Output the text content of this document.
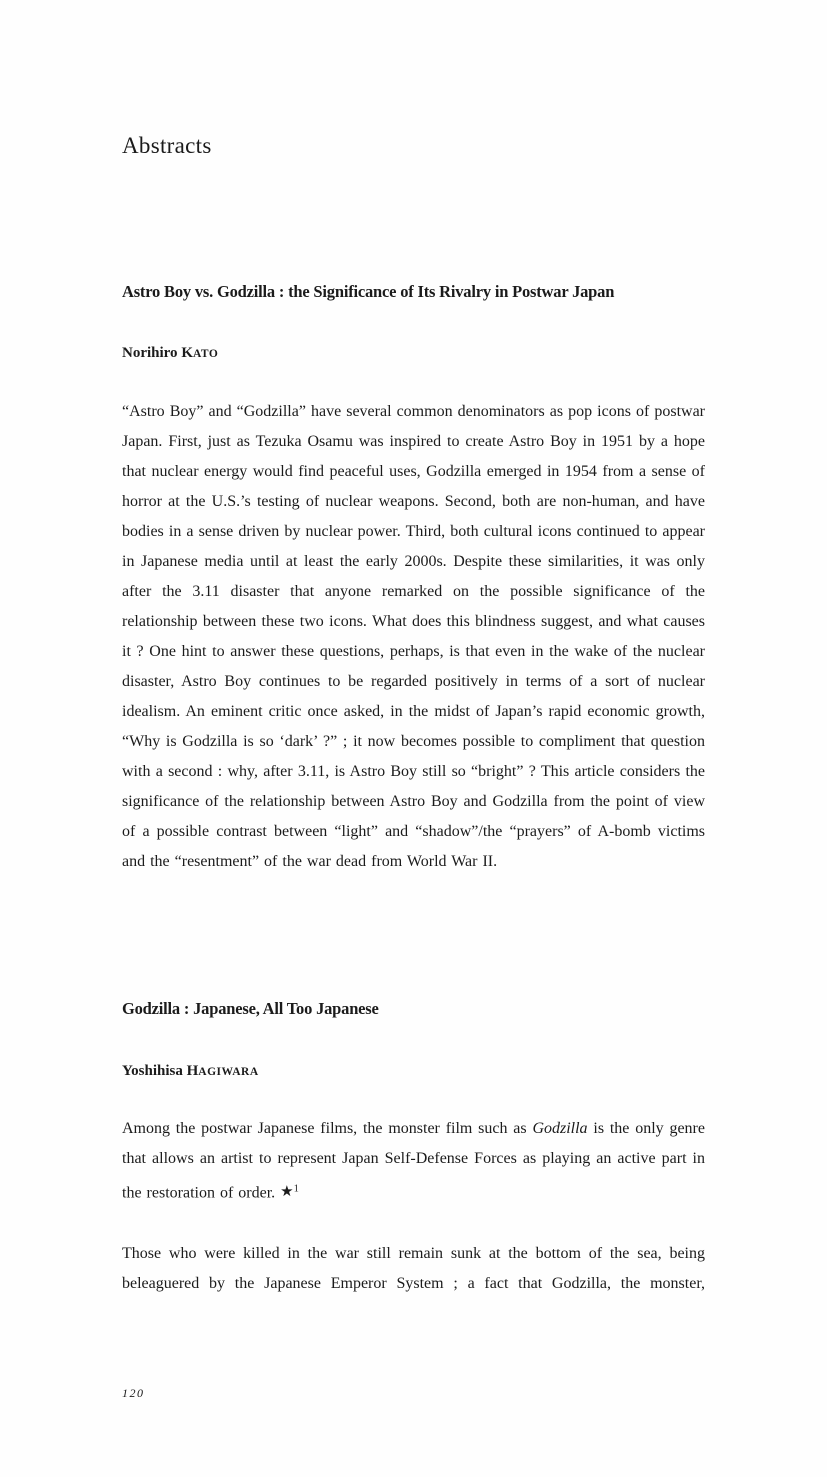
Abstracts
Astro Boy vs. Godzilla : the Significance of Its Rivalry in Postwar Japan

Norihiro KATO

“Astro Boy” and “Godzilla” have several common denominators as pop icons of postwar Japan. First, just as Tezuka Osamu was inspired to create Astro Boy in 1951 by a hope that nuclear energy would find peaceful uses, Godzilla emerged in 1954 from a sense of horror at the U.S.’s testing of nuclear weapons. Second, both are non-human, and have bodies in a sense driven by nuclear power. Third, both cultural icons continued to appear in Japanese media until at least the early 2000s. Despite these similarities, it was only after the 3.11 disaster that anyone remarked on the possible significance of the relationship between these two icons. What does this blindness suggest, and what causes it ? One hint to answer these questions, perhaps, is that even in the wake of the nuclear disaster, Astro Boy continues to be regarded positively in terms of a sort of nuclear idealism. An eminent critic once asked, in the midst of Japan’s rapid economic growth, “Why is Godzilla is so ‘dark’ ?” ; it now becomes possible to compliment that question with a second : why, after 3.11, is Astro Boy still so “bright” ? This article considers the significance of the relationship between Astro Boy and Godzilla from the point of view of a possible contrast between “light” and “shadow”/the “prayers” of A-bomb victims and the “resentment” of the war dead from World War II.

Godzilla : Japanese, All Too Japanese

Yoshihisa HAGIWARA

Among the postwar Japanese films, the monster film such as Godzilla is the only genre that allows an artist to represent Japan Self-Defense Forces as playing an active part in the restoration of order. ★$^1$

Those who were killed in the war still remain sunk at the bottom of the sea, being beleaguered by the Japanese Emperor System ; a fact that Godzilla, the monster,

120
